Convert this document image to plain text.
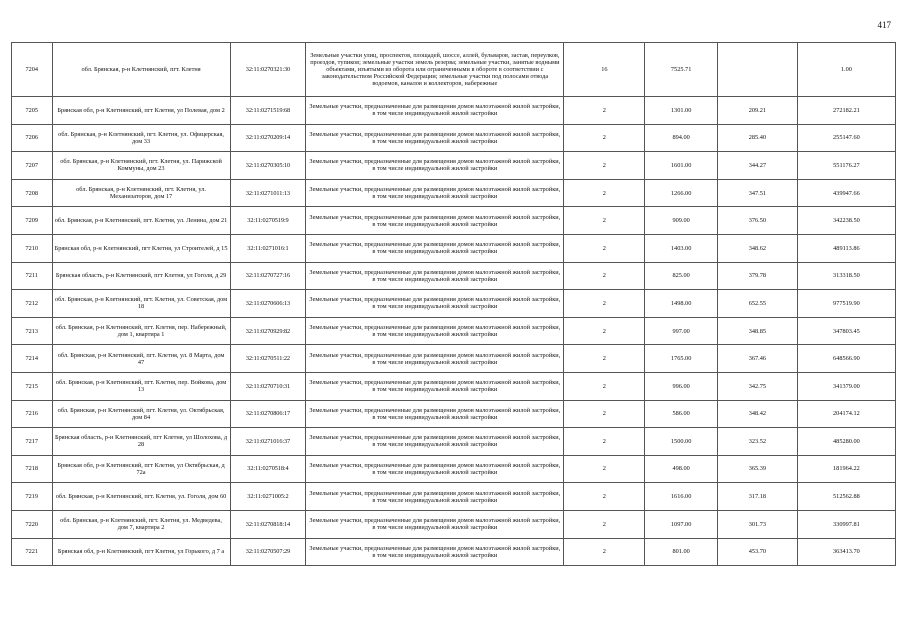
417
7204	обл. Брянская, р-н Клетнянский, пгт. Клетня	32:11:0270321:30	Земельные участки улиц, проспектов, площадей, шоссе, аллей, бульваров, застав, переулков, проездов, тупиков; земельные участки земель резерва; земельные участки, занятые водными объектами, изъятыми из оборота или ограниченными в обороте в соответствии с законодательством Российской Федерации; земельные участки под полосами отвода водоемов, каналов и коллекторов, набережные	16	7525.71		1.00
7205	Брянская обл, р-н Клетнянский, пгт Клетня, ул Полевая, дом 2	32:11:0271519:68	Земельные участки, предназначенные для размещения домов малоэтажной жилой застройки, в том числе индивидуальной жилой застройки	2	1301.00	209.21	272182.21
7206	обл. Брянская, р-н Клетнянский, пгт. Клетня, ул. Офицерская, дом 33	32:11:0270209:14	Земельные участки, предназначенные для размещения домов малоэтажной жилой застройки, в том числе индивидуальной жилой застройки	2	894.00	285.40	255147.60
7207	обл. Брянская, р-н Клетнянский, пгт. Клетня, ул. Парижской Коммуны, дом 23	32:11:0270305:10	Земельные участки, предназначенные для размещения домов малоэтажной жилой застройки, в том числе индивидуальной жилой застройки	2	1601.00	344.27	551176.27
7208	обл. Брянская, р-н Клетнянский, пгт. Клетня, ул. Механизаторов, дом 17	32:11:0271011:13	Земельные участки, предназначенные для размещения домов малоэтажной жилой застройки, в том числе индивидуальной жилой застройки	2	1266.00	347.51	439947.66
7209	обл. Брянская, р-н Клетнянский, пгт. Клетня, ул. Ленина, дом 21	32:11:0270519:9	Земельные участки, предназначенные для размещения домов малоэтажной жилой застройки, в том числе индивидуальной жилой застройки	2	909.00	376.50	342238.50
7210	Брянская обл, р-н Клетнянский, пгт Клетня, ул Строителей, д 15	32:11:0271016:1	Земельные участки, предназначенные для размещения домов малоэтажной жилой застройки, в том числе индивидуальной жилой застройки	2	1403.00	348.62	489113.86
7211	Брянская область, р-н Клетнянский, пгт Клетня, ул Гоголя, д 29	32:11:0270727:16	Земельные участки, предназначенные для размещения домов малоэтажной жилой застройки, в том числе индивидуальной жилой застройки	2	825.00	379.78	313318.50
7212	обл. Брянская, р-н Клетнянский, пгт. Клетня, ул. Советская, дом 18	32:11:0270606:13	Земельные участки, предназначенные для размещения домов малоэтажной жилой застройки, в том числе индивидуальной жилой застройки	2	1498.00	652.55	977519.90
7213	обл. Брянская, р-н Клетнянский, пгт. Клетня, пер. Набережный, дом 1, квартира 1	32:11:0270929:82	Земельные участки, предназначенные для размещения домов малоэтажной жилой застройки, в том числе индивидуальной жилой застройки	2	997.00	348.85	347803.45
7214	обл. Брянская, р-н Клетнянский, пгт. Клетня, ул. 8 Марта, дом 47	32:11:0270511:22	Земельные участки, предназначенные для размещения домов малоэтажной жилой застройки, в том числе индивидуальной жилой застройки	2	1765.00	367.46	648566.90
7215	обл. Брянская, р-н Клетнянский, пгт. Клетня, пер. Войкова, дом 13	32:11:0270710:31	Земельные участки, предназначенные для размещения домов малоэтажной жилой застройки, в том числе индивидуальной жилой застройки	2	996.00	342.75	341379.00
7216	обл. Брянская, р-н Клетнянский, пгт. Клетня, ул. Октябрьская, дом 84	32:11:0270806:17	Земельные участки, предназначенные для размещения домов малоэтажной жилой застройки, в том числе индивидуальной жилой застройки	2	586.00	348.42	204174.12
7217	Брянская область, р-н Клетнянский, пгт Клетня, ул Шолохова, д 28	32:11:0271016:37	Земельные участки, предназначенные для размещения домов малоэтажной жилой застройки, в том числе индивидуальной жилой застройки	2	1500.00	323.52	485280.00
7218	Брянская обл, р-н Клетнянский, пгт Клетня, ул Октябрьская, д 72а	32:11:0270518:4	Земельные участки, предназначенные для размещения домов малоэтажной жилой застройки, в том числе индивидуальной жилой застройки	2	498.00	365.39	181964.22
7219	обл. Брянская, р-н Клетнянский, пгт. Клетня, ул. Гоголя, дом 60	32:11:0271005:2	Земельные участки, предназначенные для размещения домов малоэтажной жилой застройки, в том числе индивидуальной жилой застройки	2	1616.00	317.18	512562.88
7220	обл. Брянская, р-н Клетнянский, пгт. Клетня, ул. Медведева, дом 7, квартира 2	32:11:0270818:14	Земельные участки, предназначенные для размещения домов малоэтажной жилой застройки, в том числе индивидуальной жилой застройки	2	1097.00	301.73	330997.81
7221	Брянская обл, р-н Клетнянский, пгт Клетня, ул Горького, д 7 а	32:11:0270507:29	Земельные участки, предназначенные для размещения домов малоэтажной жилой застройки, в том числе индивидуальной жилой застройки	2	801.00	453.70	363413.70
